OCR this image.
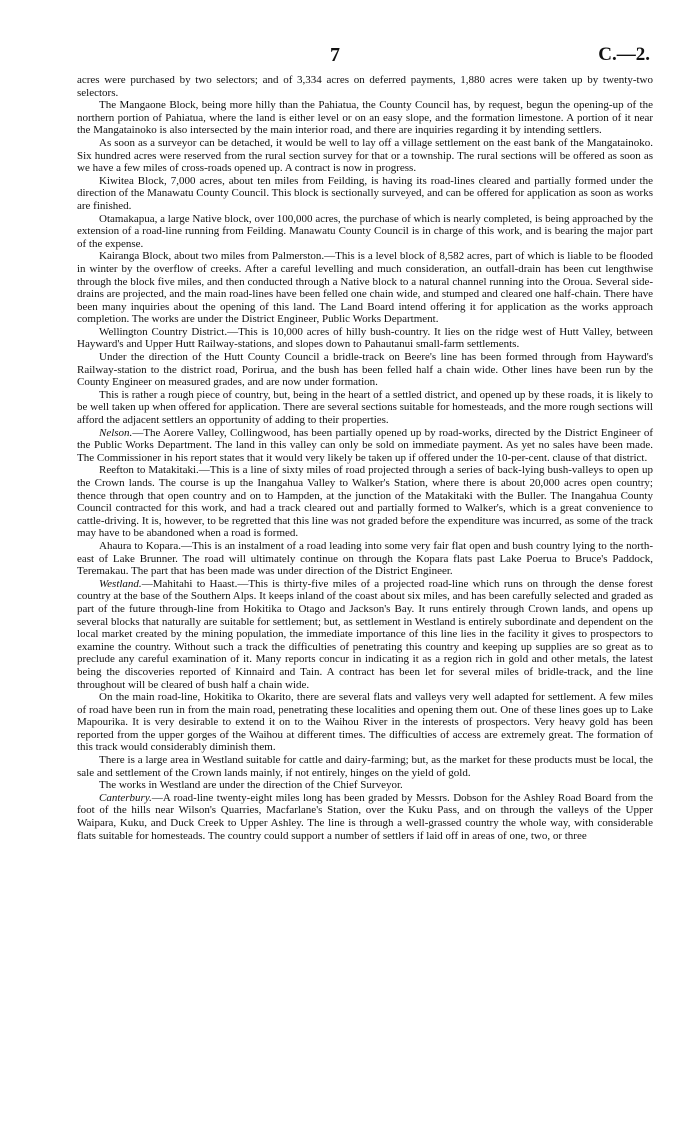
7	C.—2.

acres were purchased by two selectors; and of 3,334 acres on deferred payments, 1,880 acres were taken up by twenty-two selectors.

The Mangaone Block, being more hilly than the Pahiatua, the County Council has, by request, begun the opening-up of the northern portion of Pahiatua, where the land is either level or on an easy slope, and the formation limestone. A portion of it near the Mangatainoko is also intersected by the main interior road, and there are inquiries regarding it by intending settlers.

As soon as a surveyor can be detached, it would be well to lay off a village settlement on the east bank of the Mangatainoko. Six hundred acres were reserved from the rural section survey for that or a township. The rural sections will be offered as soon as we have a few miles of cross-roads opened up. A contract is now in progress.

Kiwitea Block, 7,000 acres, about ten miles from Feilding, is having its road-lines cleared and partially formed under the direction of the Manawatu County Council. This block is sectionally surveyed, and can be offered for application as soon as works are finished.

Otamakapua, a large Native block, over 100,000 acres, the purchase of which is nearly completed, is being approached by the extension of a road-line running from Feilding. Manawatu County Council is in charge of this work, and is bearing the major part of the expense.

Kairanga Block, about two miles from Palmerston.—This is a level block of 8,582 acres, part of which is liable to be flooded in winter by the overflow of creeks. After a careful levelling and much consideration, an outfall-drain has been cut lengthwise through the block five miles, and then conducted through a Native block to a natural channel running into the Oroua. Several side-drains are projected, and the main road-lines have been felled one chain wide, and stumped and cleared one half-chain. There have been many inquiries about the opening of this land. The Land Board intend offering it for application as the works approach completion. The works are under the District Engineer, Public Works Department.

Wellington Country District.—This is 10,000 acres of hilly bush-country. It lies on the ridge west of Hutt Valley, between Hayward's and Upper Hutt Railway-stations, and slopes down to Pahautanui small-farm settlements.

Under the direction of the Hutt County Council a bridle-track on Beere's line has been formed through from Hayward's Railway-station to the district road, Porirua, and the bush has been felled half a chain wide. Other lines have been run by the County Engineer on measured grades, and are now under formation.

This is rather a rough piece of country, but, being in the heart of a settled district, and opened up by these roads, it is likely to be well taken up when offered for application. There are several sections suitable for homesteads, and the more rough sections will afford the adjacent settlers an opportunity of adding to their properties.

Nelson.—The Aorere Valley, Collingwood, has been partially opened up by road-works, directed by the District Engineer of the Public Works Department. The land in this valley can only be sold on immediate payment. As yet no sales have been made. The Commissioner in his report states that it would very likely be taken up if offered under the 10-per-cent. clause of that district.

Reefton to Matakitaki.—This is a line of sixty miles of road projected through a series of back-lying bush-valleys to open up the Crown lands. The course is up the Inangahua Valley to Walker's Station, where there is about 20,000 acres open country; thence through that open country and on to Hampden, at the junction of the Matakitaki with the Buller. The Inangahua County Council contracted for this work, and had a track cleared out and partially formed to Walker's, which is a great convenience to cattle-driving. It is, however, to be regretted that this line was not graded before the expenditure was incurred, as some of the track may have to be abandoned when a road is formed.

Ahaura to Kopara.—This is an instalment of a road leading into some very fair flat open and bush country lying to the north-east of Lake Brunner. The road will ultimately continue on through the Kopara flats past Lake Poerua to Bruce's Paddock, Teremakau. The part that has been made was under direction of the District Engineer.

Westland.—Mahitahi to Haast.—This is thirty-five miles of a projected road-line which runs on through the dense forest country at the base of the Southern Alps. It keeps inland of the coast about six miles, and has been carefully selected and graded as part of the future through-line from Hokitika to Otago and Jackson's Bay. It runs entirely through Crown lands, and opens up several blocks that naturally are suitable for settlement; but, as settlement in Westland is entirely subordinate and dependent on the local market created by the mining population, the immediate importance of this line lies in the facility it gives to prospectors to examine the country. Without such a track the difficulties of penetrating this country and keeping up supplies are so great as to preclude any careful examination of it. Many reports concur in indicating it as a region rich in gold and other metals, the latest being the discoveries reported of Kinnaird and Tain. A contract has been let for several miles of bridle-track, and the line throughout will be cleared of bush half a chain wide.

On the main road-line, Hokitika to Okarito, there are several flats and valleys very well adapted for settlement. A few miles of road have been run in from the main road, penetrating these localities and opening them out. One of these lines goes up to Lake Mapourika. It is very desirable to extend it on to the Waihou River in the interests of prospectors. Very heavy gold has been reported from the upper gorges of the Waihou at different times. The difficulties of access are extremely great. The formation of this track would considerably diminish them.

There is a large area in Westland suitable for cattle and dairy-farming; but, as the market for these products must be local, the sale and settlement of the Crown lands mainly, if not entirely, hinges on the yield of gold.

The works in Westland are under the direction of the Chief Surveyor.

Canterbury.—A road-line twenty-eight miles long has been graded by Messrs. Dobson for the Ashley Road Board from the foot of the hills near Wilson's Quarries, Macfarlane's Station, over the Kuku Pass, and on through the valleys of the Upper Waipara, Kuku, and Duck Creek to Upper Ashley. The line is through a well-grassed country the whole way, with considerable flats suitable for homesteads. The country could support a number of settlers if laid off in areas of one, two, or three
